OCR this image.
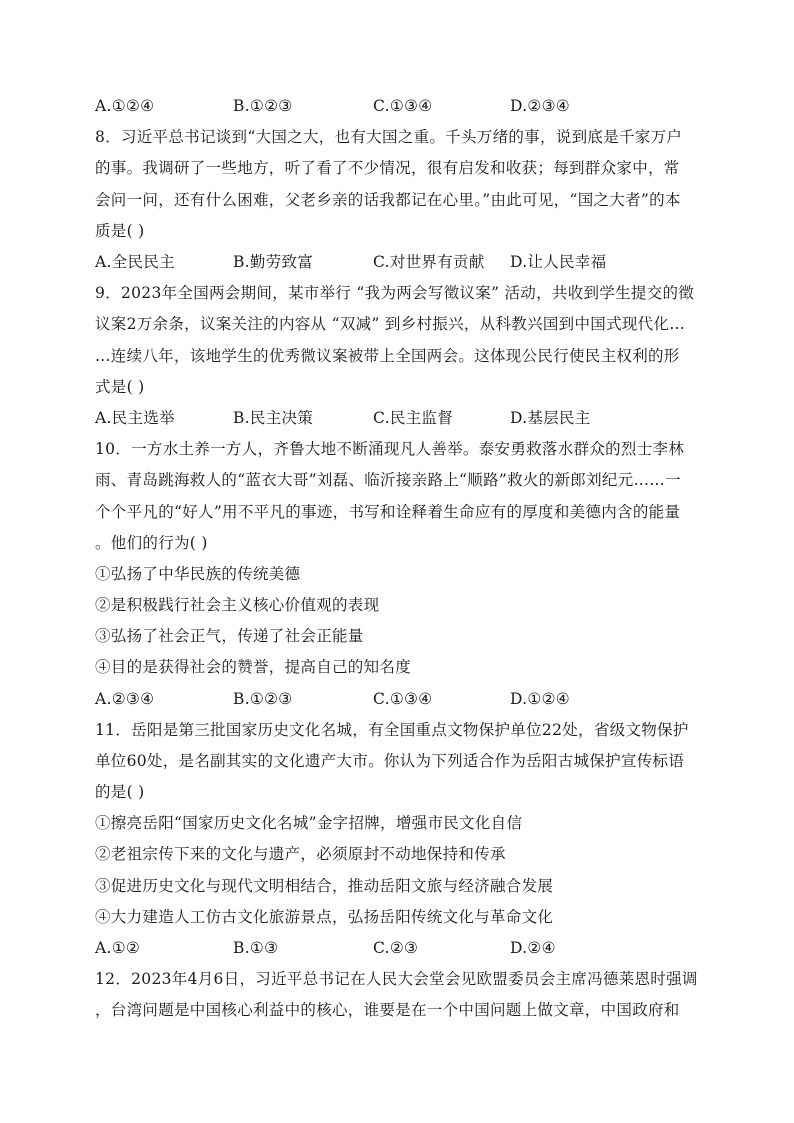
A.①②④	B.①②③	C.①③④	D.②③④
8．习近平总书记谈到“大国之大，也有大国之重。千头万绪的事，说到底是千家万户
的事。我调研了一些地方，听了看了不少情况，很有启发和收获；每到群众家中，常
会问一问，还有什么困难，父老乡亲的话我都记在心里。”由此可见，“国之大者”的本
质是( )
A.全民民主	B.勤劳致富	C.对世界有贡献 D.让人民幸福
9．2023年全国两会期间，某市举行 “我为两会写徵议案” 活动，共收到学生提交的徵
议案2万余条，议案关注的内容从 “双减” 到乡村振兴，从科教兴国到中国式现代化…
…连续八年，该地学生的优秀微议案被带上全国两会。这体现公民行使民主权利的形
式是( )
A.民主选举	B.民主决策	C.民主监督	D.基层民主
10．一方水土养一方人，齐鲁大地不断涌现凡人善举。泰安勇救落水群众的烈士李林
雨、青岛跳海救人的“蓝衣大哥”刘磊、临沂接亲路上“顺路”救火的新郎刘纪元……一
个个平凡的“好人”用不平凡的事迹，书写和诠释着生命应有的厚度和美德内含的能量
。他们的行为( )
①弘扬了中华民族的传统美德
②是积极践行社会主义核心价值观的表现
③弘扬了社会正气，传递了社会正能量
④目的是获得社会的赞誉，提高自己的知名度
A.②③④	B.①②③	C.①③④	D.①②④
11．岳阳是第三批国家历史文化名城，有全国重点文物保护单位22处，省级文物保护
单位60处，是名副其实的文化遗产大市。你认为下列适合作为岳阳古城保护宣传标语
的是( )
①擦亮岳阳“国家历史文化名城”金字招牌，增强市民文化自信
②老祖宗传下来的文化与遗产，必须原封不动地保持和传承
③促进历史文化与现代文明相结合，推动岳阳文旅与经济融合发展
④大力建造人工仿古文化旅游景点，弘扬岳阳传统文化与革命文化
A.①②	B.①③	C.②③	D.②④
12．2023年4月6日，习近平总书记在人民大会堂会见欧盟委员会主席冯德莱恩时强调
，台湾问题是中国核心利益中的核心，谁要是在一个中国问题上做文章，中国政府和
